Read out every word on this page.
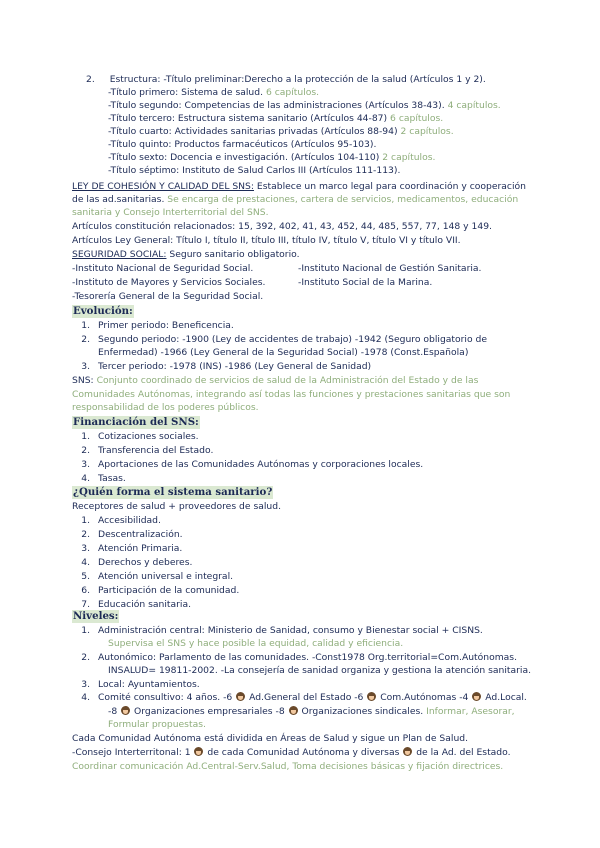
2. Estructura: -Título preliminar:Derecho a la protección de la salud (Artículos 1 y 2).
-Título primero: Sistema de salud. 6 capítulos.
-Título segundo: Competencias de las administraciones (Artículos 38-43). 4 capítulos.
-Título tercero: Estructura sistema sanitario (Artículos 44-87) 6 capítulos.
-Título cuarto: Actividades sanitarias privadas (Artículos 88-94) 2 capítulos.
-Título quinto: Productos farmacéuticos (Artículos 95-103).
-Título sexto: Docencia e investigación. (Artículos 104-110) 2 capítulos.
-Título séptimo: Instituto de Salud Carlos III (Artículos 111-113).
LEY DE COHESIÓN Y CALIDAD DEL SNS: Establece un marco legal para coordinación y cooperación
de las ad.sanitarias. Se encarga de prestaciones, cartera de servicios, medicamentos, educación
sanitaria y Consejo Interterritorial del SNS.
Artículos constitución relacionados: 15, 392, 402, 41, 43, 452, 44, 485, 557, 77, 148 y 149.
Artículos Ley General: Título I, título II, título III, título IV, título V, título VI y título VII.
SEGURIDAD SOCIAL: Seguro sanitario obligatorio.
-Instituto Nacional de Seguridad Social.	-Instituto Nacional de Gestión Sanitaria.
-Instituto de Mayores y Servicios Sociales.	-Instituto Social de la Marina.
-Tesorería General de la Seguridad Social.
Evolución:
1. Primer periodo: Beneficencia.
2. Segundo periodo: -1900 (Ley de accidentes de trabajo) -1942 (Seguro obligatorio de
Enfermedad) -1966 (Ley General de la Seguridad Social) -1978 (Const.Española)
3. Tercer periodo: -1978 (INS) -1986 (Ley General de Sanidad)
SNS: Conjunto coordinado de servicios de salud de la Administración del Estado y de las
Comunidades Autónomas, integrando así todas las funciones y prestaciones sanitarias que son
responsabilidad de los poderes públicos.
Financiación del SNS:
1. Cotizaciones sociales.
2. Transferencia del Estado.
3. Aportaciones de las Comunidades Autónomas y corporaciones locales.
4. Tasas.
¿Quién forma el sistema sanitario?
Receptores de salud + proveedores de salud.
1. Accesibilidad.
2. Descentralización.
3. Atención Primaria.
4. Derechos y deberes.
5. Atención universal e integral.
6. Participación de la comunidad.
7. Educación sanitaria.
Niveles:
1. Administración central: Ministerio de Sanidad, consumo y Bienestar social + CISNS.
Supervisa el SNS y hace posible la equidad, calidad y eficiencia.
2. Autonómico: Parlamento de las comunidades. -Const1978 Org.territorial=Com.Autónomas.
INSALUD= 19811-2002. -La consejería de sanidad organiza y gestiona la atención sanitaria.
3. Local: Ayuntamientos.
4. Comité consultivo: 4 años. -6 Ad.General del Estado -6 Com.Autónomas -4 Ad.Local.
-8 Organizaciones empresariales -8 Organizaciones sindicales. Informar, Asesorar,
Formular propuestas.
Cada Comunidad Autónoma está dividida en Áreas de Salud y sigue un Plan de Salud.
-Consejo Interterritonal: 1 de cada Comunidad Autónoma y diversas de la Ad. del Estado.
Coordinar comunicación Ad.Central-Serv.Salud, Toma decisiones básicas y fijación directrices.
